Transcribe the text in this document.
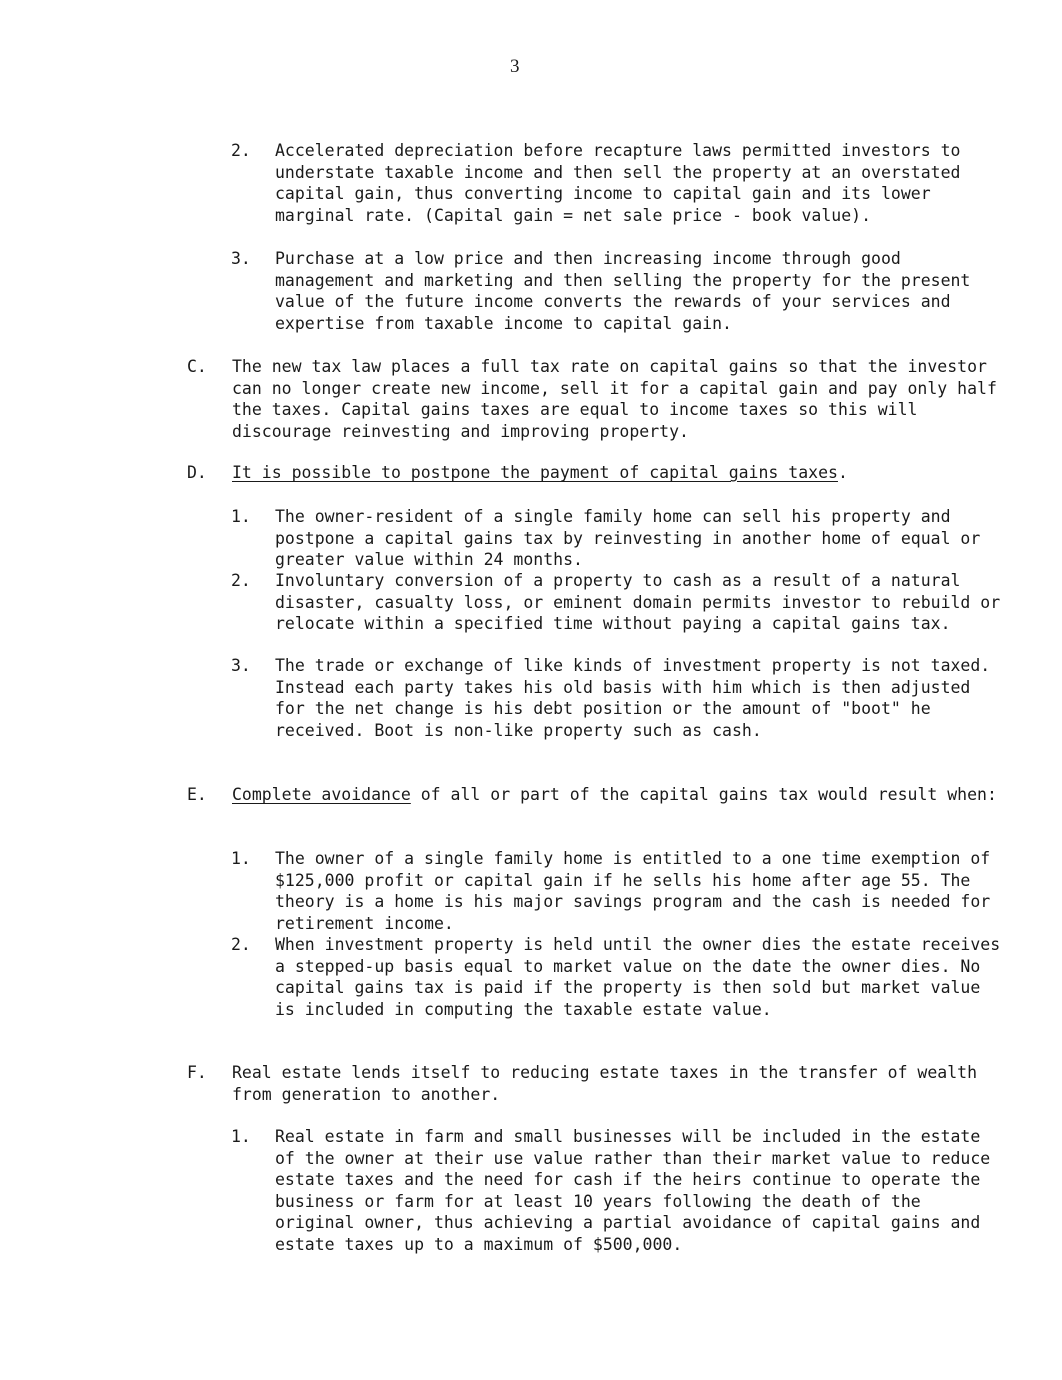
3
2. Accelerated depreciation before recapture laws permitted investors to understate taxable income and then sell the property at an overstated capital gain, thus converting income to capital gain and its lower marginal rate. (Capital gain = net sale price - book value).
3. Purchase at a low price and then increasing income through good management and marketing and then selling the property for the present value of the future income converts the rewards of your services and expertise from taxable income to capital gain.
C. The new tax law places a full tax rate on capital gains so that the investor can no longer create new income, sell it for a capital gain and pay only half the taxes. Capital gains taxes are equal to income taxes so this will discourage reinvesting and improving property.
D. It is possible to postpone the payment of capital gains taxes.
1. The owner-resident of a single family home can sell his property and postpone a capital gains tax by reinvesting in another home of equal or greater value within 24 months.
2. Involuntary conversion of a property to cash as a result of a natural disaster, casualty loss, or eminent domain permits investor to rebuild or relocate within a specified time without paying a capital gains tax.
3. The trade or exchange of like kinds of investment property is not taxed. Instead each party takes his old basis with him which is then adjusted for the net change is his debt position or the amount of "boot" he received. Boot is non-like property such as cash.
E. Complete avoidance of all or part of the capital gains tax would result when:
1. The owner of a single family home is entitled to a one time exemption of $125,000 profit or capital gain if he sells his home after age 55. The theory is a home is his major savings program and the cash is needed for retirement income.
2. When investment property is held until the owner dies the estate receives a stepped-up basis equal to market value on the date the owner dies. No capital gains tax is paid if the property is then sold but market value is included in computing the taxable estate value.
F. Real estate lends itself to reducing estate taxes in the transfer of wealth from generation to another.
1. Real estate in farm and small businesses will be included in the estate of the owner at their use value rather than their market value to reduce estate taxes and the need for cash if the heirs continue to operate the business or farm for at least 10 years following the death of the original owner, thus achieving a partial avoidance of capital gains and estate taxes up to a maximum of $500,000.
